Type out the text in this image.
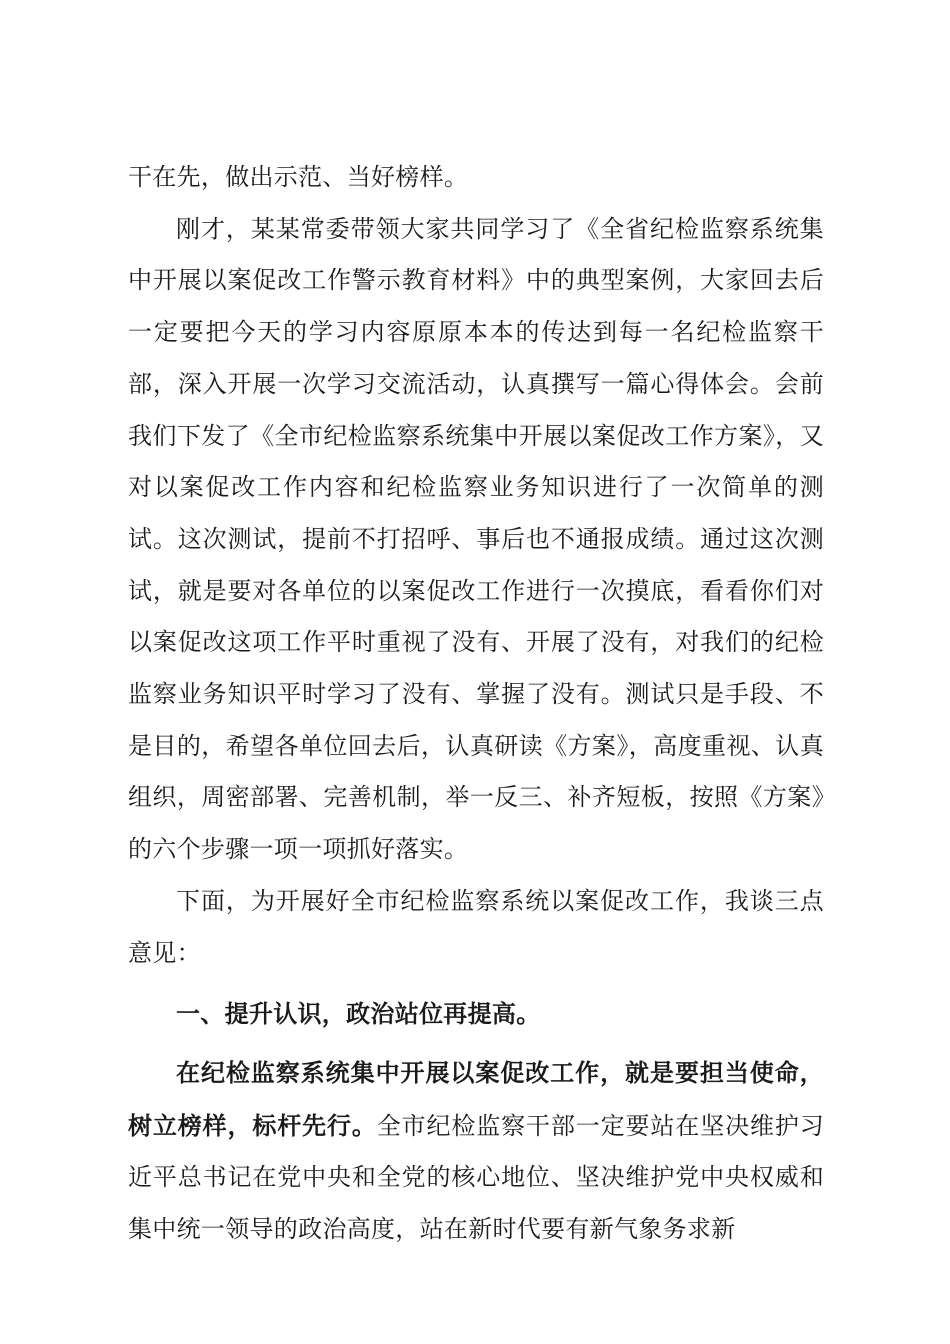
干在先，做出示范、当好榜样。

刚才，某某常委带领大家共同学习了《全省纪检监察系统集中开展以案促改工作警示教育材料》中的典型案例，大家回去后一定要把今天的学习内容原原本本的传达到每一名纪检监察干部，深入开展一次学习交流活动，认真撰写一篇心得体会。会前我们下发了《全市纪检监察系统集中开展以案促改工作方案》，又对以案促改工作内容和纪检监察业务知识进行了一次简单的测试。这次测试，提前不打招呼、事后也不通报成绩。通过这次测试，就是要对各单位的以案促改工作进行一次摸底，看看你们对以案促改这项工作平时重视了没有、开展了没有，对我们的纪检监察业务知识平时学习了没有、掌握了没有。测试只是手段、不是目的，希望各单位回去后，认真研读《方案》，高度重视、认真组织，周密部署、完善机制，举一反三、补齐短板，按照《方案》的六个步骤一项一项抓好落实。

下面，为开展好全市纪检监察系统以案促改工作，我谈三点意见：

一、提升认识，政治站位再提高。

在纪检监察系统集中开展以案促改工作，就是要担当使命，树立榜样，标杆先行。全市纪检监察干部一定要站在坚决维护习近平总书记在党中央和全党的核心地位、坚决维护党中央权威和集中统一领导的政治高度，站在新时代要有新气象务求新
